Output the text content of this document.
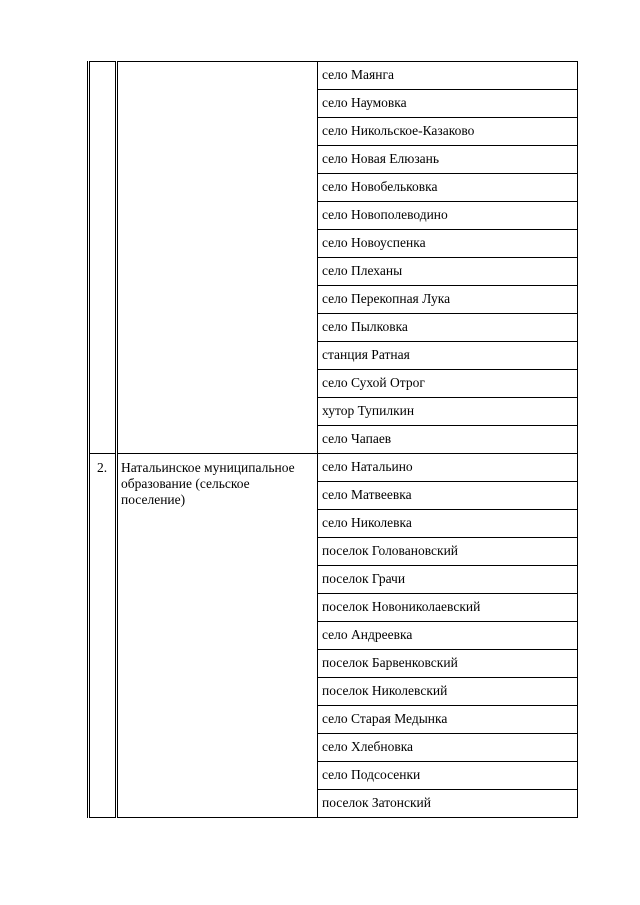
		село Маянга
		село Наумовка
		село Никольское-Казаково
		село Новая Елюзань
		село Новобельковка
		село Новополеводино
		село Новоуспенка
		село Плеханы
		село Перекопная Лука
		село Пылковка
		станция Ратная
		село Сухой Отрог
		хутор Тупилкин
		село Чапаев
2.	Натальинское муниципальное образование (сельское поселение)	село Натальино
		село Матвеевка
		село Николевка
		поселок Головановский
		поселок Грачи
		поселок Новониколаевский
		село Андреевка
		поселок Барвенковский
		поселок Николевский
		село Старая Медынка
		село Хлебновка
		село Подсосенки
		поселок Затонский
